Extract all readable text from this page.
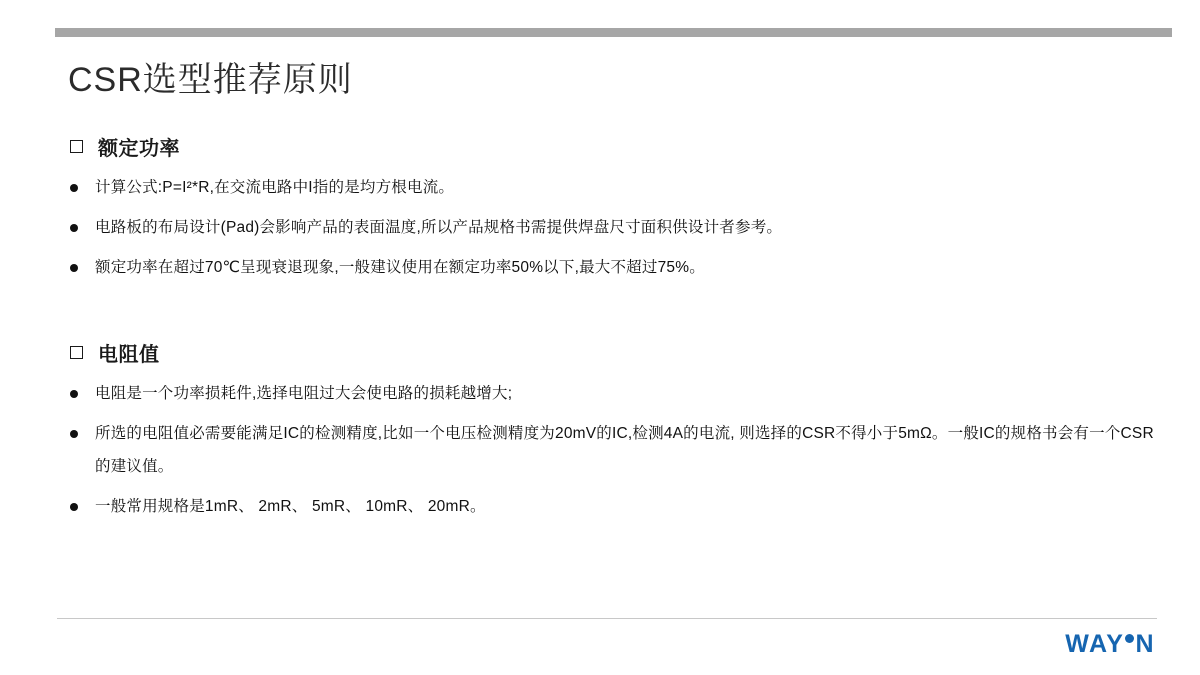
CSR选型推荐原则
额定功率
计算公式:P=I²*R,在交流电路中I指的是均方根电流。
电路板的布局设计(Pad)会影响产品的表面温度,所以产品规格书需提供焊盘尺寸面积供设计者参考。
额定功率在超过70℃呈现衰退现象,一般建议使用在额定功率50%以下,最大不超过75%。
电阻值
电阻是一个功率损耗件,选择电阻过大会使电路的损耗越增大;
所选的电阻值必需要能满足IC的检测精度,比如一个电压检测精度为20mV的IC,检测4A的电流, 则选择的CSR不得小于5mΩ。一般IC的规格书会有一个CSR的建议值。
一般常用规格是1mR、 2mR、 5mR、 10mR、 20mR。
WAY N
